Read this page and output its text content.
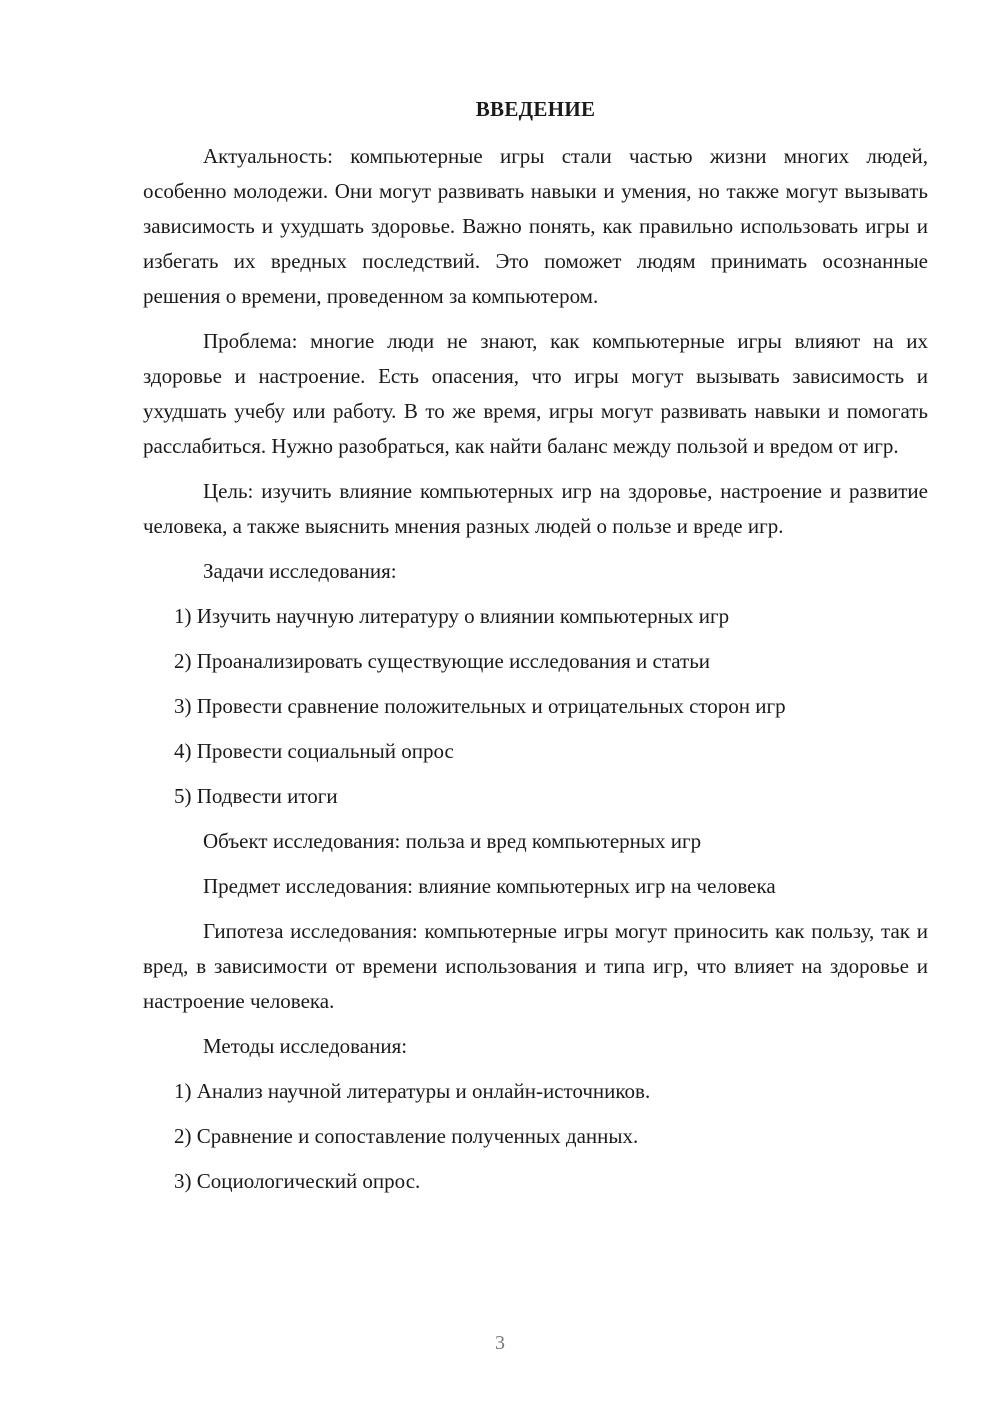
ВВЕДЕНИЕ

Актуальность: компьютерные игры стали частью жизни многих людей, особенно молодежи. Они могут развивать навыки и умения, но также могут вызывать зависимость и ухудшать здоровье. Важно понять, как правильно использовать игры и избегать их вредных последствий. Это поможет людям принимать осознанные решения о времени, проведенном за компьютером.

Проблема: многие люди не знают, как компьютерные игры влияют на их здоровье и настроение. Есть опасения, что игры могут вызывать зависимость и ухудшать учебу или работу. В то же время, игры могут развивать навыки и помогать расслабиться. Нужно разобраться, как найти баланс между пользой и вредом от игр.

Цель: изучить влияние компьютерных игр на здоровье, настроение и развитие человека, а также выяснить мнения разных людей о пользе и вреде игр.

Задачи исследования:
1) Изучить научную литературу о влиянии компьютерных игр
2) Проанализировать существующие исследования и статьи
3) Провести сравнение положительных и отрицательных сторон игр
4) Провести социальный опрос
5) Подвести итоги
Объект исследования: польза и вред компьютерных игр
Предмет исследования: влияние компьютерных игр на человека

Гипотеза исследования: компьютерные игры могут приносить как пользу, так и вред, в зависимости от времени использования и типа игр, что влияет на здоровье и настроение человека.

Методы исследования:
1) Анализ научной литературы и онлайн-источников.
2) Сравнение и сопоставление полученных данных.
3) Социологический опрос.
3
